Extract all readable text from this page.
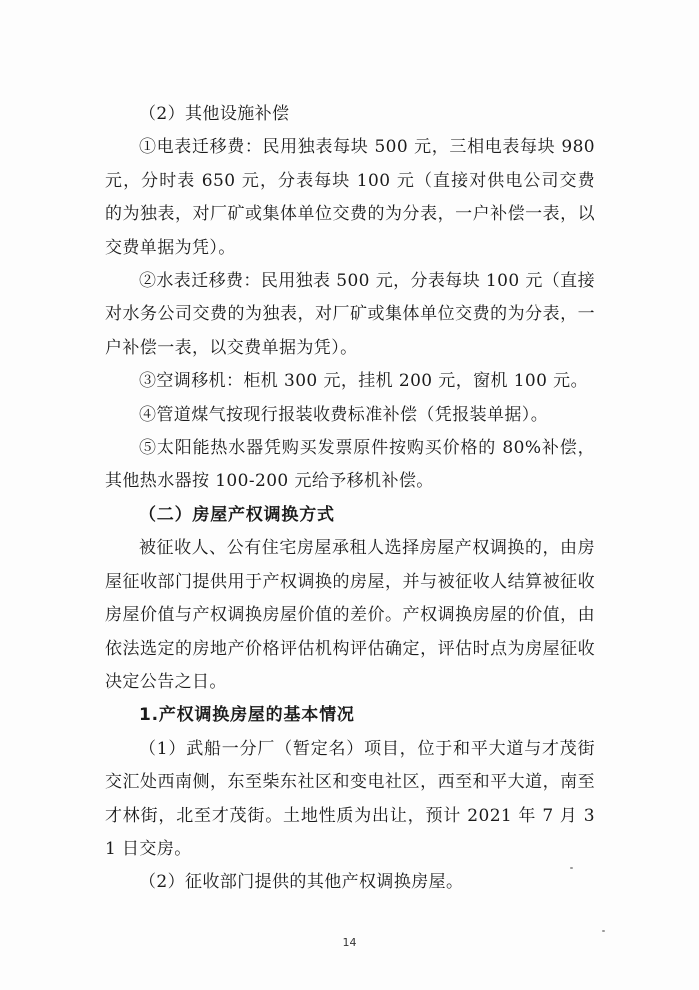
（2）其他设施补偿

①电表迁移费：民用独表每块 500 元，三相电表每块 980 元，分时表 650 元，分表每块 100 元（直接对供电公司交费的为独表，对厂矿或集体单位交费的为分表，一户补偿一表，以交费单据为凭）。

②水表迁移费：民用独表 500 元，分表每块 100 元（直接对水务公司交费的为独表，对厂矿或集体单位交费的为分表，一户补偿一表，以交费单据为凭）。

③空调移机：柜机 300 元，挂机 200 元，窗机 100 元。

④管道煤气按现行报装收费标准补偿（凭报装单据）。

⑤太阳能热水器凭购买发票原件按购买价格的 80%补偿，其他热水器按 100-200 元给予移机补偿。

（二）房屋产权调换方式

被征收人、公有住宅房屋承租人选择房屋产权调换的，由房屋征收部门提供用于产权调换的房屋，并与被征收人结算被征收房屋价值与产权调换房屋价值的差价。产权调换房屋的价值，由依法选定的房地产价格评估机构评估确定，评估时点为房屋征收决定公告之日。

1.产权调换房屋的基本情况

（1）武船一分厂（暂定名）项目，位于和平大道与才茂街交汇处西南侧，东至柴东社区和变电社区，西至和平大道，南至才林街，北至才茂街。土地性质为出让，预计 2021 年 7 月 31 日交房。

（2）征收部门提供的其他产权调换房屋。

14
